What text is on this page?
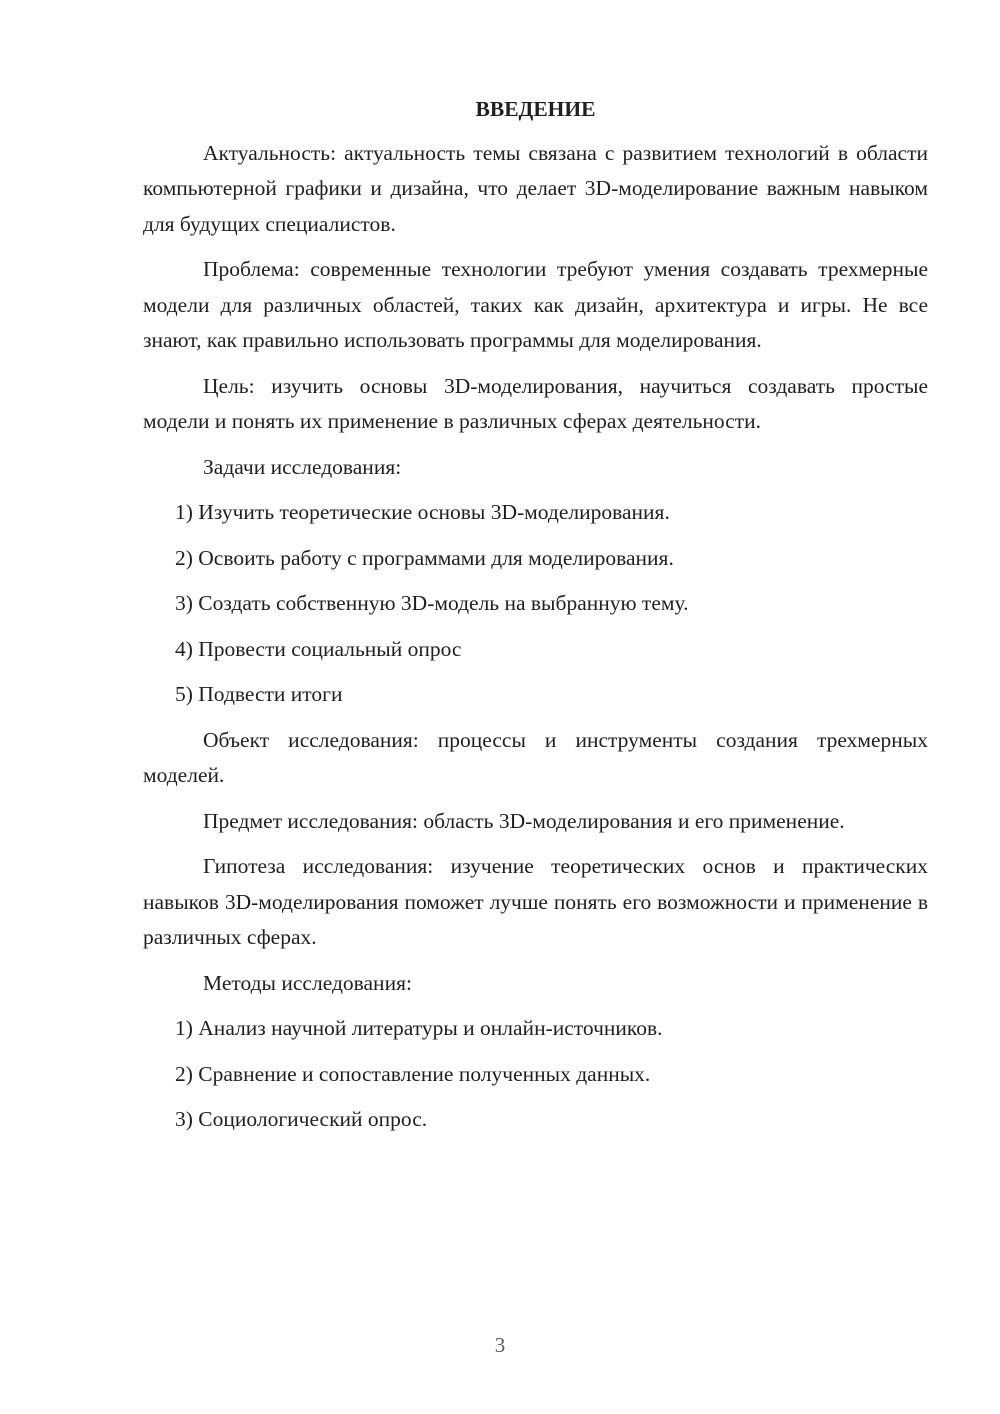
ВВЕДЕНИЕ

Актуальность: актуальность темы связана с развитием технологий в области компьютерной графики и дизайна, что делает 3D-моделирование важным навыком для будущих специалистов.

Проблема: современные технологии требуют умения создавать трехмерные модели для различных областей, таких как дизайн, архитектура и игры. Не все знают, как правильно использовать программы для моделирования.

Цель: изучить основы 3D-моделирования, научиться создавать простые модели и понять их применение в различных сферах деятельности.

Задачи исследования:

1) Изучить теоретические основы 3D-моделирования.
2) Освоить работу с программами для моделирования.
3) Создать собственную 3D-модель на выбранную тему.
4) Провести социальный опрос
5) Подвести итоги

Объект исследования: процессы и инструменты создания трехмерных моделей.

Предмет исследования: область 3D-моделирования и его применение.

Гипотеза исследования: изучение теоретических основ и практических навыков 3D-моделирования поможет лучше понять его возможности и применение в различных сферах.

Методы исследования:

1) Анализ научной литературы и онлайн-источников.
2) Сравнение и сопоставление полученных данных.
3) Социологический опрос.
3
